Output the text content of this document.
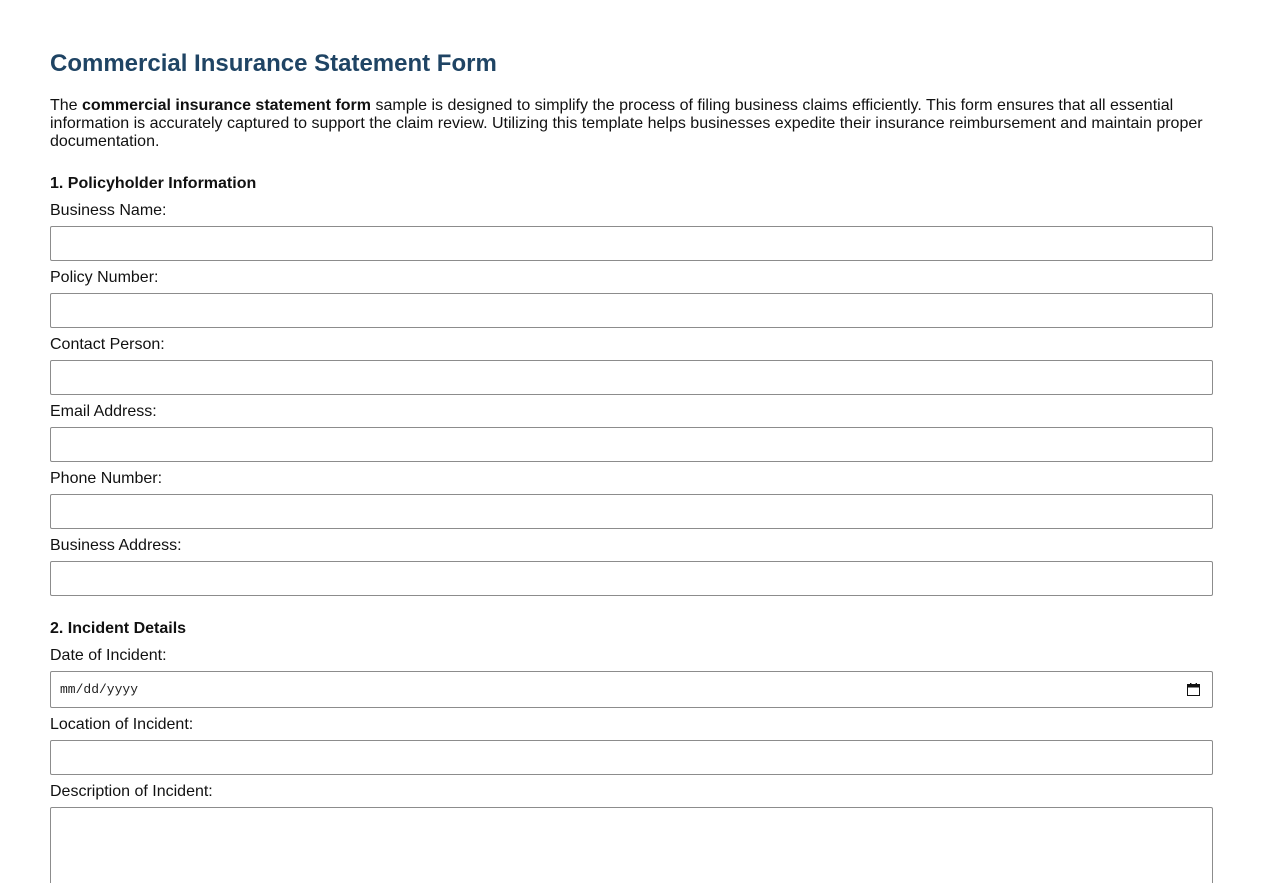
Commercial Insurance Statement Form

The commercial insurance statement form sample is designed to simplify the process of filing business claims efficiently. This form ensures that all essential information is accurately captured to support the claim review. Utilizing this template helps businesses expedite their insurance reimbursement and maintain proper documentation.

1. Policyholder Information
Business Name:
Policy Number:
Contact Person:
Email Address:
Phone Number:
Business Address:
2. Incident Details
Date of Incident:
mm/dd/yyyy
Location of Incident:
Description of Incident:
